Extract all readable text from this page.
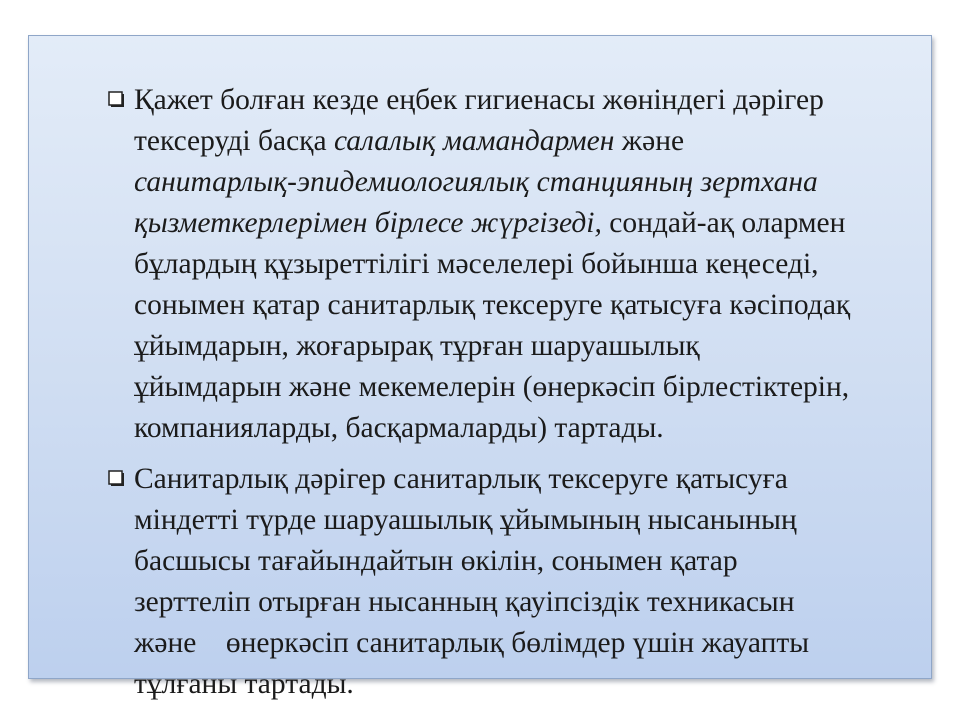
Қажет болған кезде еңбек гигиенасы жөніндегі дәрігер
тексеруді басқа салалық мамандармен және
санитарлық-эпидемиологиялық станцияның зертхана
қызметкерлерімен бірлесе жүргізеді, сондай-ақ олармен
бұлардың құзыреттілігі мәселелері бойынша кеңеседі,
сонымен қатар санитарлық тексеруге қатысуға кәсіподақ
ұйымдарын, жоғарырақ тұрған шаруашылық
ұйымдарын және мекемелерін (өнеркәсіп бірлестіктерін,
компанияларды, басқармаларды) тартады.
Санитарлық дәрігер санитарлық тексеруге қатысуға
міндетті түрде шаруашылық ұйымының нысанының
басшысы тағайындайтын өкілін, сонымен қатар
зерттеліп отырған нысанның қауіпсіздік техникасын
және    өнеркәсіп санитарлық бөлімдер үшін жауапты
тұлғаны тартады.
